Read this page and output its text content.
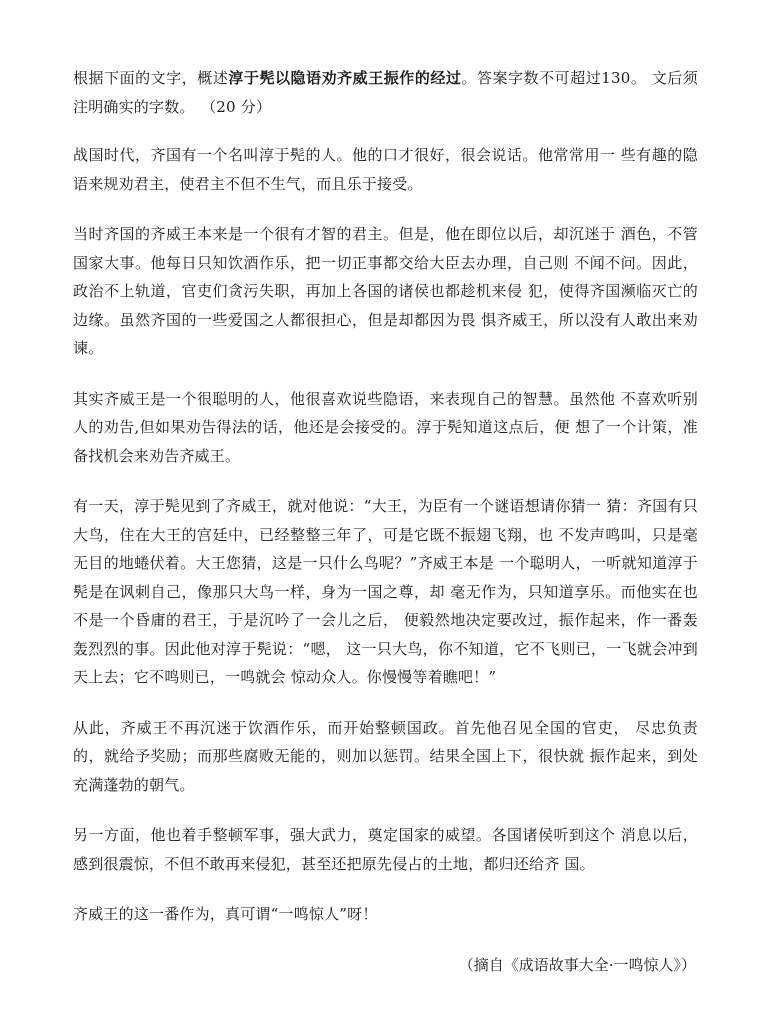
根据下面的文字，概述淳于髡以隐语劝齐威王振作的经过。答案字数不可超过130。 文后须注明确实的字数。 （20 分）

战国时代，齐国有一个名叫淳于髡的人。他的口才很好，很会说话。他常常用一 些有趣的隐语来规劝君主，使君主不但不生气，而且乐于接受。

当时齐国的齐威王本来是一个很有才智的君主。但是，他在即位以后，却沉迷于 酒色，不管国家大事。他每日只知饮酒作乐，把一切正事都交给大臣去办理，自己则 不闻不问。因此，政治不上轨道，官吏们贪污失职，再加上各国的诸侯也都趁机来侵 犯，使得齐国濒临灭亡的边缘。虽然齐国的一些爱国之人都很担心，但是却都因为畏 惧齐威王，所以没有人敢出来劝谏。

其实齐威王是一个很聪明的人，他很喜欢说些隐语，来表现自己的智慧。虽然他 不喜欢听别人的劝告,但如果劝告得法的话，他还是会接受的。淳于髡知道这点后，便 想了一个计策，准备找机会来劝告齐威王。

有一天，淳于髡见到了齐威王，就对他说：“大王，为臣有一个谜语想请你猜一 猜：齐国有只大鸟，住在大王的宫廷中，已经整整三年了，可是它既不振翅飞翔，也 不发声鸣叫，只是毫无目的地蜷伏着。大王您猜，这是一只什么鸟呢？”齐威王本是 一个聪明人，一听就知道淳于髡是在讽刺自己，像那只大鸟一样，身为一国之尊，却 毫无作为，只知道享乐。而他实在也不是一个昏庸的君王，于是沉吟了一会儿之后， 便毅然地决定要改过，振作起来，作一番轰轰烈烈的事。因此他对淳于髡说：“嗯， 这一只大鸟，你不知道，它不飞则已，一飞就会冲到天上去；它不鸣则已，一鸣就会 惊动众人。你慢慢等着瞧吧！”

从此，齐威王不再沉迷于饮酒作乐，而开始整顿国政。首先他召见全国的官吏， 尽忠负责的，就给予奖励；而那些腐败无能的，则加以惩罚。结果全国上下，很快就 振作起来，到处充满蓬勃的朝气。

另一方面，他也着手整顿军事，强大武力，奠定国家的威望。各国诸侯听到这个 消息以后，感到很震惊，不但不敢再来侵犯，甚至还把原先侵占的土地，都归还给齐 国。

齐威王的这一番作为，真可谓“一鸣惊人”呀！

（摘自《成语故事大全·一鸣惊人》）
